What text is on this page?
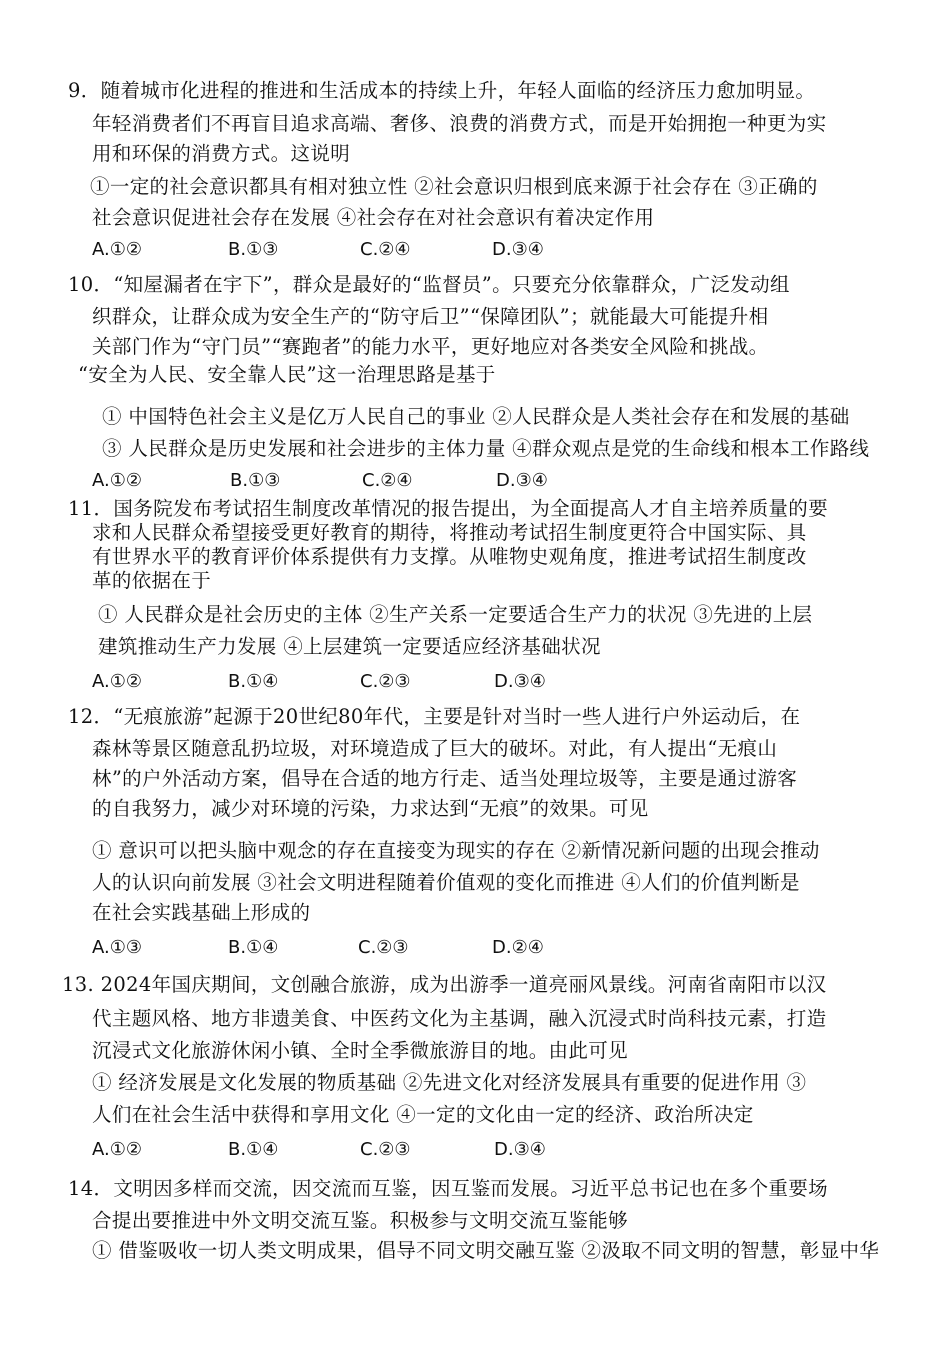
9．随着城市化进程的推进和生活成本的持续上升，年轻人面临的经济压力愈加明显。
年轻消费者们不再盲目追求高端、奢侈、浪费的消费方式，而是开始拥抱一种更为实
用和环保的消费方式。这说明
①一定的社会意识都具有相对独立性 ②社会意识归根到底来源于社会存在 ③正确的
社会意识促进社会存在发展 ④社会存在对社会意识有着决定作用
A.①②	B.①③	C.②④	D.③④
10．“知屋漏者在宇下”，群众是最好的“监督员”。只要充分依靠群众，广泛发动组
织群众，让群众成为安全生产的“防守后卫”“保障团队”；就能最大可能提升相
关部门作为“守门员”“赛跑者”的能力水平，更好地应对各类安全风险和挑战。
“安全为人民、安全靠人民”这一治理思路是基于
① 中国特色社会主义是亿万人民自己的事业 ②人民群众是人类社会存在和发展的基础
③ 人民群众是历史发展和社会进步的主体力量 ④群众观点是党的生命线和根本工作路线
A.①②	B.①③	C.②④	D.③④
11．国务院发布考试招生制度改革情况的报告提出，为全面提高人才自主培养质量的要
求和人民群众希望接受更好教育的期待，将推动考试招生制度更符合中国实际、具
有世界水平的教育评价体系提供有力支撑。从唯物史观角度，推进考试招生制度改
革的依据在于
① 人民群众是社会历史的主体 ②生产关系一定要适合生产力的状况 ③先进的上层
建筑推动生产力发展 ④上层建筑一定要适应经济基础状况
A.①②	B.①④	C.②③	D.③④
12．“无痕旅游”起源于20世纪80年代，主要是针对当时一些人进行户外运动后，在
森林等景区随意乱扔垃圾，对环境造成了巨大的破坏。对此，有人提出“无痕山
林”的户外活动方案，倡导在合适的地方行走、适当处理垃圾等，主要是通过游客
的自我努力，减少对环境的污染，力求达到“无痕”的效果。可见
① 意识可以把头脑中观念的存在直接变为现实的存在 ②新情况新问题的出现会推动
人的认识向前发展 ③社会文明进程随着价值观的变化而推进 ④人们的价值判断是
在社会实践基础上形成的
A.①③	B.①④	C.②③	D.②④
13. 2024年国庆期间，文创融合旅游，成为出游季一道亮丽风景线。河南省南阳市以汉
代主题风格、地方非遗美食、中医药文化为主基调，融入沉浸式时尚科技元素，打造
沉浸式文化旅游休闲小镇、全时全季微旅游目的地。由此可见
① 经济发展是文化发展的物质基础 ②先进文化对经济发展具有重要的促进作用 ③
人们在社会生活中获得和享用文化 ④一定的文化由一定的经济、政治所决定
A.①②	B.①④	C.②③	D.③④
14．文明因多样而交流，因交流而互鉴，因互鉴而发展。习近平总书记也在多个重要场
合提出要推进中外文明交流互鉴。积极参与文明交流互鉴能够
① 借鉴吸收一切人类文明成果，倡导不同文明交融互鉴 ②汲取不同文明的智慧，彰显中华
